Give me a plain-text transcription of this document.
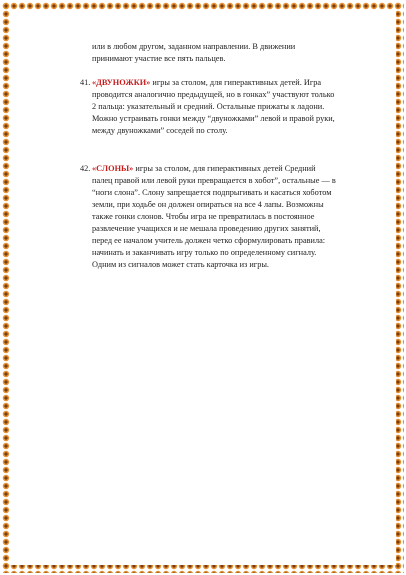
или в любом другом, заданном направлении. В движении
принимают участие все пять пальцев.

41. «ДВУНОЖКИ» игры за столом, для гиперактивных детей. Игра
проводится аналогично предыдущей, но в гонках” участвуют только
2 пальца: указательный и средний. Остальные прижаты к ладони.
Можно устраивать гонки между “двуножками” левой и правой руки,
между двуножками” соседей по столу.

42. «СЛОНЫ» игры за столом, для гиперактивных детей Средний
палец правой или левой руки превращается в хобот”, остальные — в
“ноги слона”. Слону запрещается подпрыгивать и касаться хоботом
земли, при ходьбе он должен опираться на все 4 лапы. Возможны
также гонки слонов. Чтобы игра не превратилась в постоянное
развлечение учащихся и не мешала проведению других занятий,
перед ее началом учитель должен четко сформулировать правила:
начинать и заканчивать игру только по определенному сигналу.
Одним из сигналов может стать карточка из игры.
